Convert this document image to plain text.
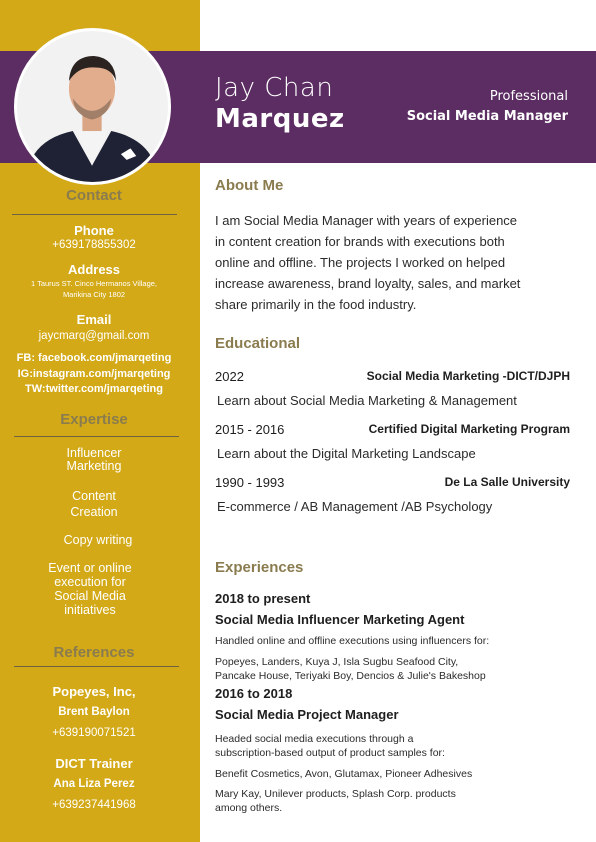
Jay Chan
Marquez
Professional
Social Media Manager
Contact
Phone
+639178855302
Address
1 Taurus ST. Cinco Hermanos Village,
Marikina City 1802
Email
jaycmarq@gmail.com
FB: facebook.com/jmarqeting
IG:instagram.com/jmarqeting
TW:twitter.com/jmarqeting
Expertise
Influencer
Marketing
Content
Creation
Copy writing
Event or online
execution for
Social Media
initiatives
References
Popeyes, Inc,
Brent Baylon
+639190071521
DICT Trainer
Ana Liza Perez
+639237441968
About Me
I am Social Media Manager with years of experience
in content creation for brands with executions both
online and offline. The projects I worked on helped
increase awareness, brand loyalty, sales, and market
share primarily in the food industry.
Educational
2022	Social Media Marketing -DICT/DJPH
Learn about Social Media Marketing & Management
2015 - 2016	Certified Digital Marketing Program
Learn about the Digital Marketing Landscape
1990 - 1993	De La Salle University
E-commerce / AB Management /AB Psychology
Experiences
2018 to present
Social Media Influencer Marketing Agent
Handled online and offline executions using influencers for:
Popeyes, Landers, Kuya J, Isla Sugbu Seafood City,
Pancake House, Teriyaki Boy, Dencios & Julie's Bakeshop
2016 to 2018
Social Media Project Manager
Headed social media executions through a
subscription-based output of product samples for:
Benefit Cosmetics, Avon, Glutamax, Pioneer Adhesives
Mary Kay, Unilever products, Splash Corp. products
among others.
